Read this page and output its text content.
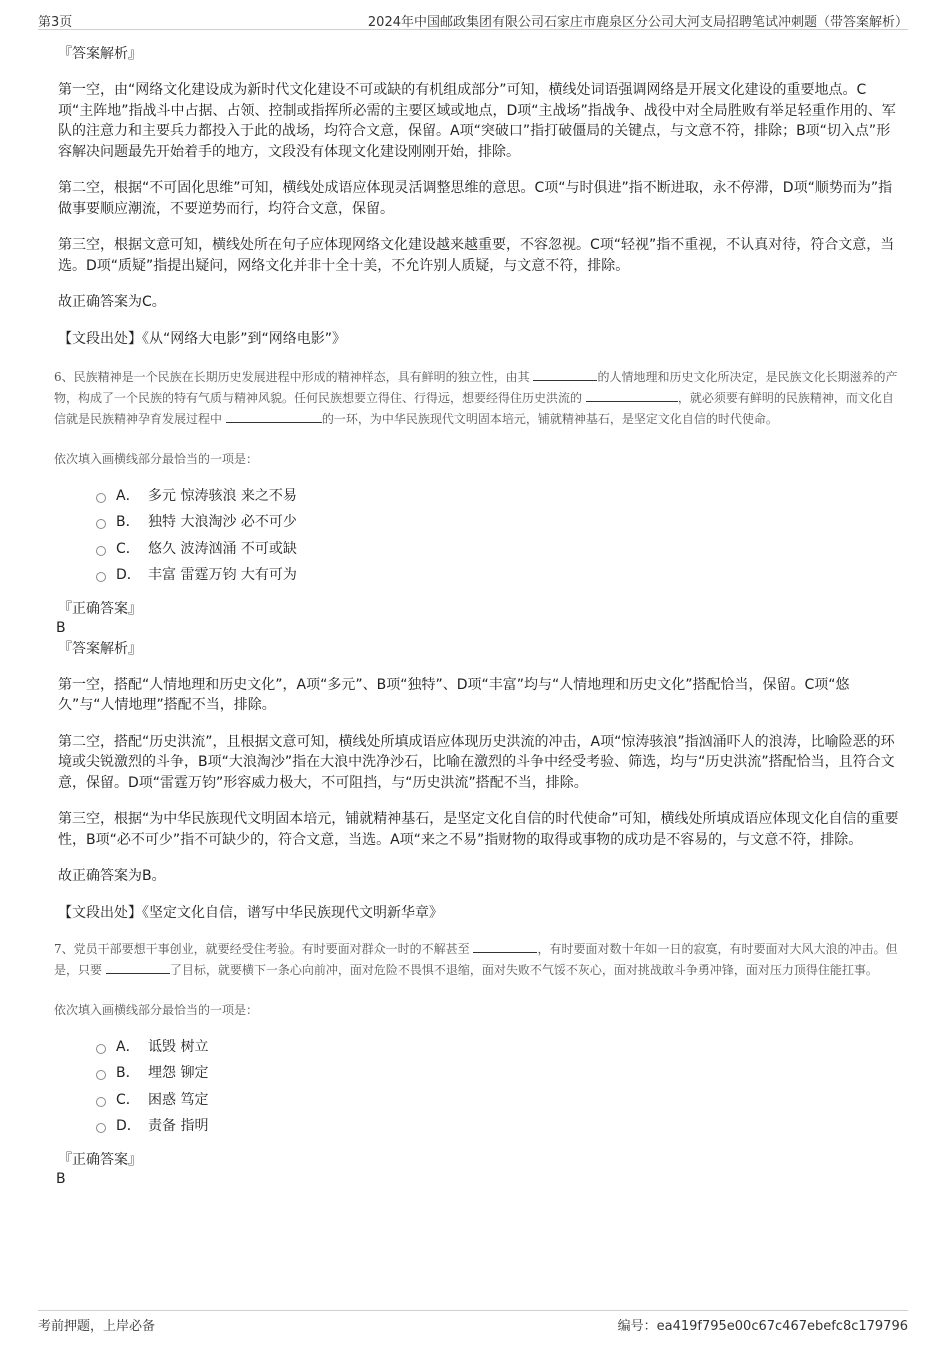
第3页	2024年中国邮政集团有限公司石家庄市鹿泉区分公司大河支局招聘笔试冲刺题（带答案解析）
『答案解析』

第一空，由“网络文化建设成为新时代文化建设不可或缺的有机组成部分”可知，横线处词语强调网络是开展文化建设的重要地点。C项“主阵地”指战斗中占据、占领、控制或指挥所必需的主要区域或地点，D项“主战场”指战争、战役中对全局胜败有举足轻重作用的、军队的注意力和主要兵力都投入于此的战场，均符合文意，保留。A项“突破口”指打破僵局的关键点，与文意不符，排除；B项“切入点”形容解决问题最先开始着手的地方，文段没有体现文化建设刚刚开始，排除。

第二空，根据“不可固化思维”可知，横线处成语应体现灵活调整思维的意思。C项“与时俱进”指不断进取，永不停滞，D项“顺势而为”指做事要顺应潮流，不要逆势而行，均符合文意，保留。

第三空，根据文意可知，横线处所在句子应体现网络文化建设越来越重要，不容忽视。C项“轻视”指不重视，不认真对待，符合文意，当选。D项“质疑”指提出疑问，网络文化并非十全十美，不允许别人质疑，与文意不符，排除。

故正确答案为C。

【文段出处】《从“网络大电影”到“网络电影”》

6、民族精神是一个民族在长期历史发展进程中形成的精神样态，具有鲜明的独立性，由其	的人情地理和历史文化所决定，是民族文化长期滋养的产物，构成了一个民族的特有气质与精神风貌。任何民族想要立得住、行得远，想要经得住历史洪流的	，就必须要有鲜明的民族精神，而文化自信就是民族精神孕育发展过程中	的一环，为中华民族现代文明固本培元，铺就精神基石，是坚定文化自信的时代使命。

依次填入画横线部分最恰当的一项是：

A． 多元 惊涛骇浪 来之不易
B． 独特 大浪淘沙 必不可少
C． 悠久 波涛汹涌 不可或缺
D． 丰富 雷霆万钧 大有可为
『正确答案』
B
『答案解析』

第一空，搭配“人情地理和历史文化”，A项“多元”、B项“独特”、D项“丰富”均与“人情地理和历史文化”搭配恰当，保留。C项“悠久”与“人情地理”搭配不当，排除。

第二空，搭配“历史洪流”，且根据文意可知，横线处所填成语应体现历史洪流的冲击，A项“惊涛骇浪”指汹涌吓人的浪涛，比喻险恶的环境或尖锐激烈的斗争，B项“大浪淘沙”指在大浪中洗净沙石，比喻在激烈的斗争中经受考验、筛选，均与“历史洪流”搭配恰当，且符合文意，保留。D项“雷霆万钧”形容威力极大，不可阻挡，与“历史洪流”搭配不当，排除。

第三空，根据“为中华民族现代文明固本培元，铺就精神基石，是坚定文化自信的时代使命”可知，横线处所填成语应体现文化自信的重要性，B项“必不可少”指不可缺少的，符合文意，当选。A项“来之不易”指财物的取得或事物的成功是不容易的，与文意不符，排除。

故正确答案为B。

【文段出处】《坚定文化自信，谱写中华民族现代文明新华章》

7、党员干部要想干事创业，就要经受住考验。有时要面对群众一时的不解甚至	，有时要面对数十年如一日的寂寞，有时要面对大风大浪的冲击。但是，只要	了目标，就要横下一条心向前冲，面对危险不畏惧不退缩，面对失败不气馁不灰心，面对挑战敢斗争勇冲锋，面对压力顶得住能扛事。

依次填入画横线部分最恰当的一项是：

A． 诋毁 树立
B． 埋怨 铆定
C． 困惑 笃定
D． 责备 指明
『正确答案』
B
考前押题，上岸必备	编号：ea419f795e00c67c467ebefc8c179796
